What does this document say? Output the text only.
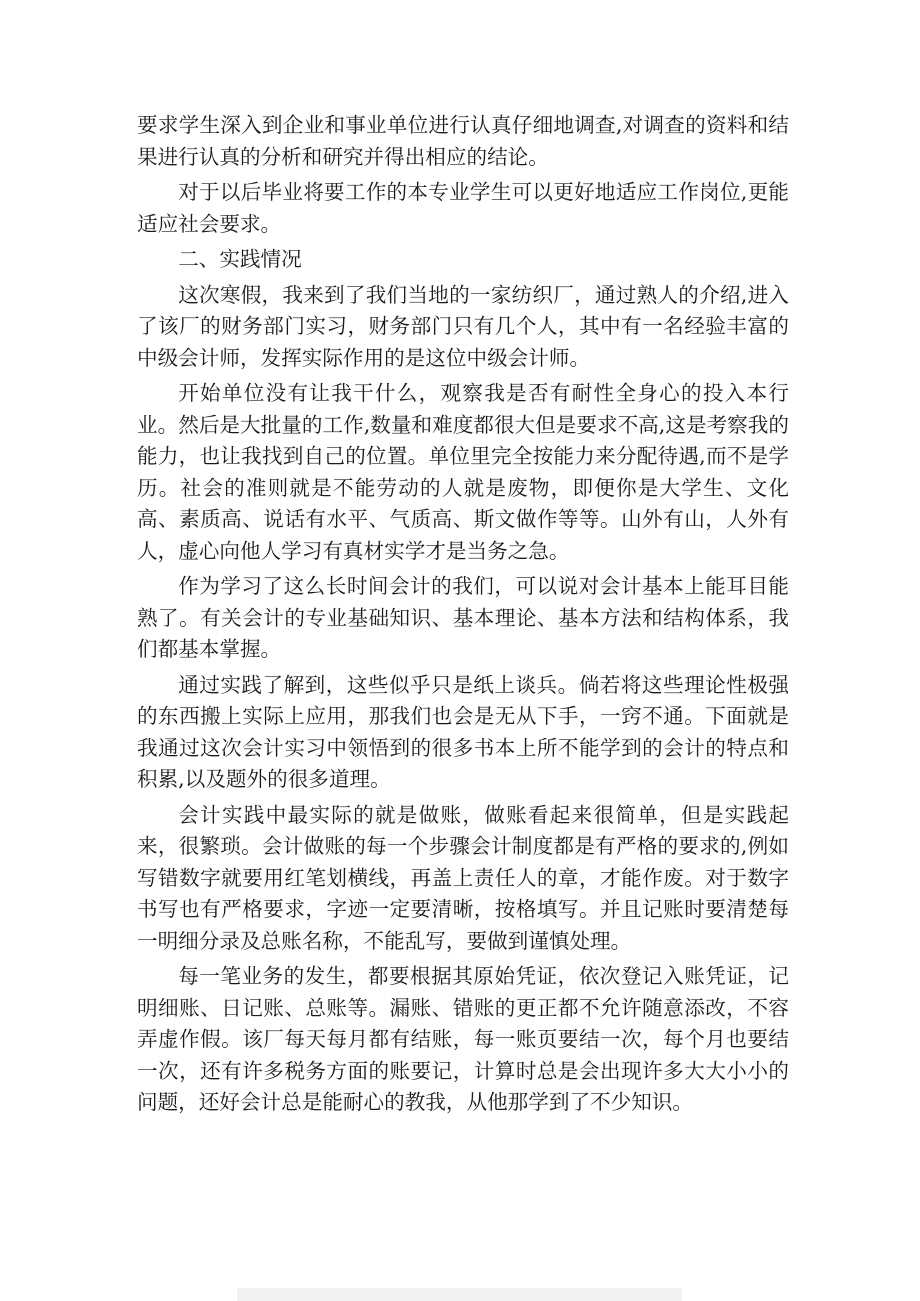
要求学生深入到企业和事业单位进行认真仔细地调查,对调查的资料和结果进行认真的分析和研究并得出相应的结论。

对于以后毕业将要工作的本专业学生可以更好地适应工作岗位,更能适应社会要求。

二、实践情况

这次寒假，我来到了我们当地的一家纺织厂，通过熟人的介绍,进入了该厂的财务部门实习，财务部门只有几个人，其中有一名经验丰富的中级会计师，发挥实际作用的是这位中级会计师。

开始单位没有让我干什么，观察我是否有耐性全身心的投入本行业。然后是大批量的工作,数量和难度都很大但是要求不高,这是考察我的能力，也让我找到自己的位置。单位里完全按能力来分配待遇,而不是学历。社会的准则就是不能劳动的人就是废物，即便你是大学生、文化高、素质高、说话有水平、气质高、斯文做作等等。山外有山，人外有人，虚心向他人学习有真材实学才是当务之急。

作为学习了这么长时间会计的我们，可以说对会计基本上能耳目能熟了。有关会计的专业基础知识、基本理论、基本方法和结构体系，我们都基本掌握。

通过实践了解到，这些似乎只是纸上谈兵。倘若将这些理论性极强的东西搬上实际上应用，那我们也会是无从下手，一窍不通。下面就是我通过这次会计实习中领悟到的很多书本上所不能学到的会计的特点和积累,以及题外的很多道理。

会计实践中最实际的就是做账，做账看起来很简单，但是实践起来，很繁琐。会计做账的每一个步骤会计制度都是有严格的要求的,例如写错数字就要用红笔划横线，再盖上责任人的章，才能作废。对于数字书写也有严格要求，字迹一定要清晰，按格填写。并且记账时要清楚每一明细分录及总账名称，不能乱写，要做到谨慎处理。

每一笔业务的发生，都要根据其原始凭证，依次登记入账凭证，记明细账、日记账、总账等。漏账、错账的更正都不允许随意添改，不容弄虚作假。该厂每天每月都有结账，每一账页要结一次，每个月也要结一次，还有许多税务方面的账要记，计算时总是会出现许多大大小小的问题，还好会计总是能耐心的教我，从他那学到了不少知识。
